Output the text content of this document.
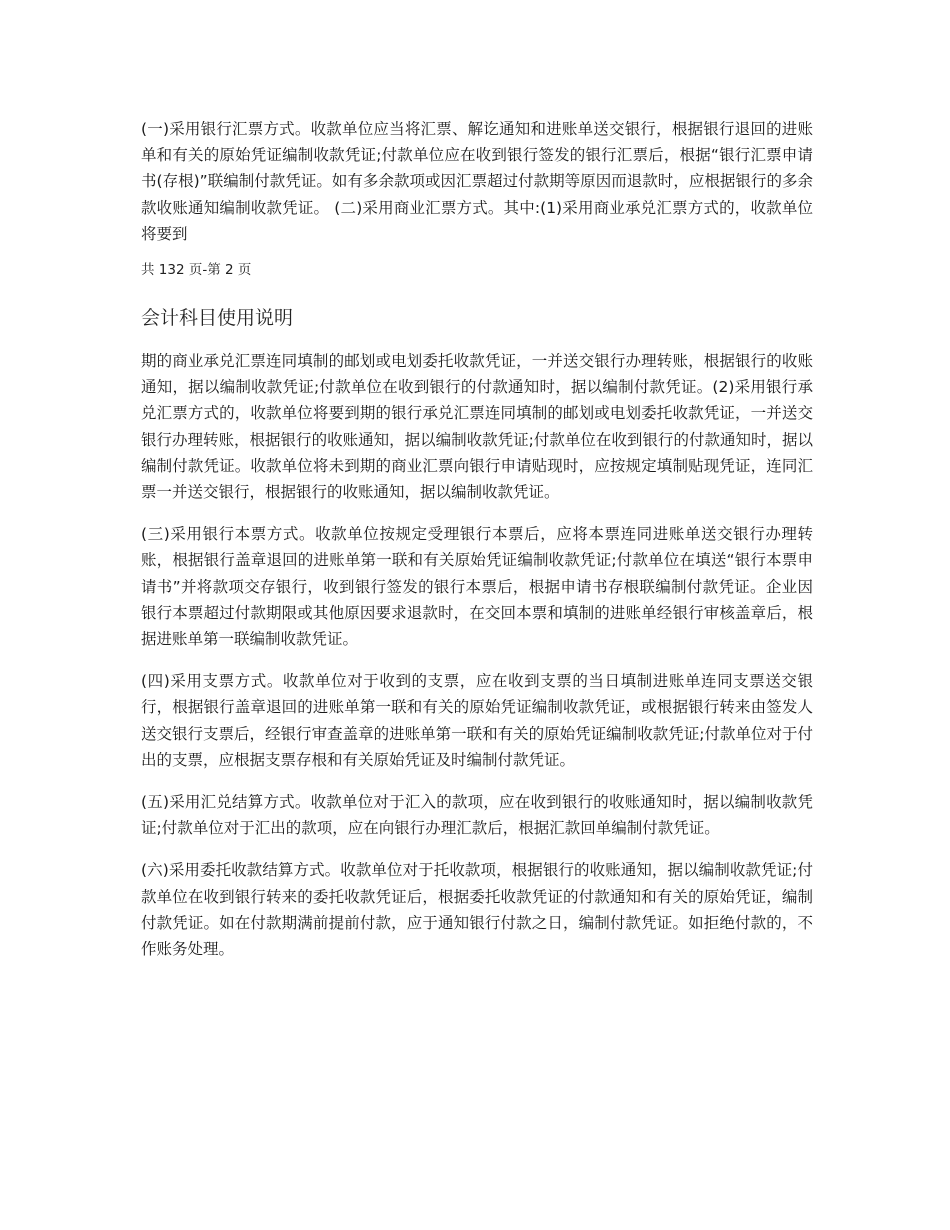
(一)采用银行汇票方式。收款单位应当将汇票、解讫通知和进账单送交银行，根据银行退回的进账单和有关的原始凭证编制收款凭证;付款单位应在收到银行签发的银行汇票后，根据“银行汇票申请书(存根)”联编制付款凭证。如有多余款项或因汇票超过付款期等原因而退款时，应根据银行的多余款收账通知编制收款凭证。 (二)采用商业汇票方式。其中:(1)采用商业承兑汇票方式的，收款单位将要到

共 132 页-第 2 页

会计科目使用说明

期的商业承兑汇票连同填制的邮划或电划委托收款凭证，一并送交银行办理转账，根据银行的收账通知，据以编制收款凭证;付款单位在收到银行的付款通知时，据以编制付款凭证。(2)采用银行承兑汇票方式的，收款单位将要到期的银行承兑汇票连同填制的邮划或电划委托收款凭证，一并送交银行办理转账，根据银行的收账通知，据以编制收款凭证;付款单位在收到银行的付款通知时，据以编制付款凭证。收款单位将未到期的商业汇票向银行申请贴现时，应按规定填制贴现凭证，连同汇票一并送交银行，根据银行的收账通知，据以编制收款凭证。

(三)采用银行本票方式。收款单位按规定受理银行本票后，应将本票连同进账单送交银行办理转账，根据银行盖章退回的进账单第一联和有关原始凭证编制收款凭证;付款单位在填送“银行本票申请书”并将款项交存银行，收到银行签发的银行本票后，根据申请书存根联编制付款凭证。企业因银行本票超过付款期限或其他原因要求退款时，在交回本票和填制的进账单经银行审核盖章后，根据进账单第一联编制收款凭证。

(四)采用支票方式。收款单位对于收到的支票，应在收到支票的当日填制进账单连同支票送交银行，根据银行盖章退回的进账单第一联和有关的原始凭证编制收款凭证，或根据银行转来由签发人送交银行支票后，经银行审查盖章的进账单第一联和有关的原始凭证编制收款凭证;付款单位对于付出的支票，应根据支票存根和有关原始凭证及时编制付款凭证。

(五)采用汇兑结算方式。收款单位对于汇入的款项，应在收到银行的收账通知时，据以编制收款凭证;付款单位对于汇出的款项，应在向银行办理汇款后，根据汇款回单编制付款凭证。

(六)采用委托收款结算方式。收款单位对于托收款项，根据银行的收账通知，据以编制收款凭证;付款单位在收到银行转来的委托收款凭证后，根据委托收款凭证的付款通知和有关的原始凭证，编制付款凭证。如在付款期满前提前付款，应于通知银行付款之日，编制付款凭证。如拒绝付款的，不作账务处理。
